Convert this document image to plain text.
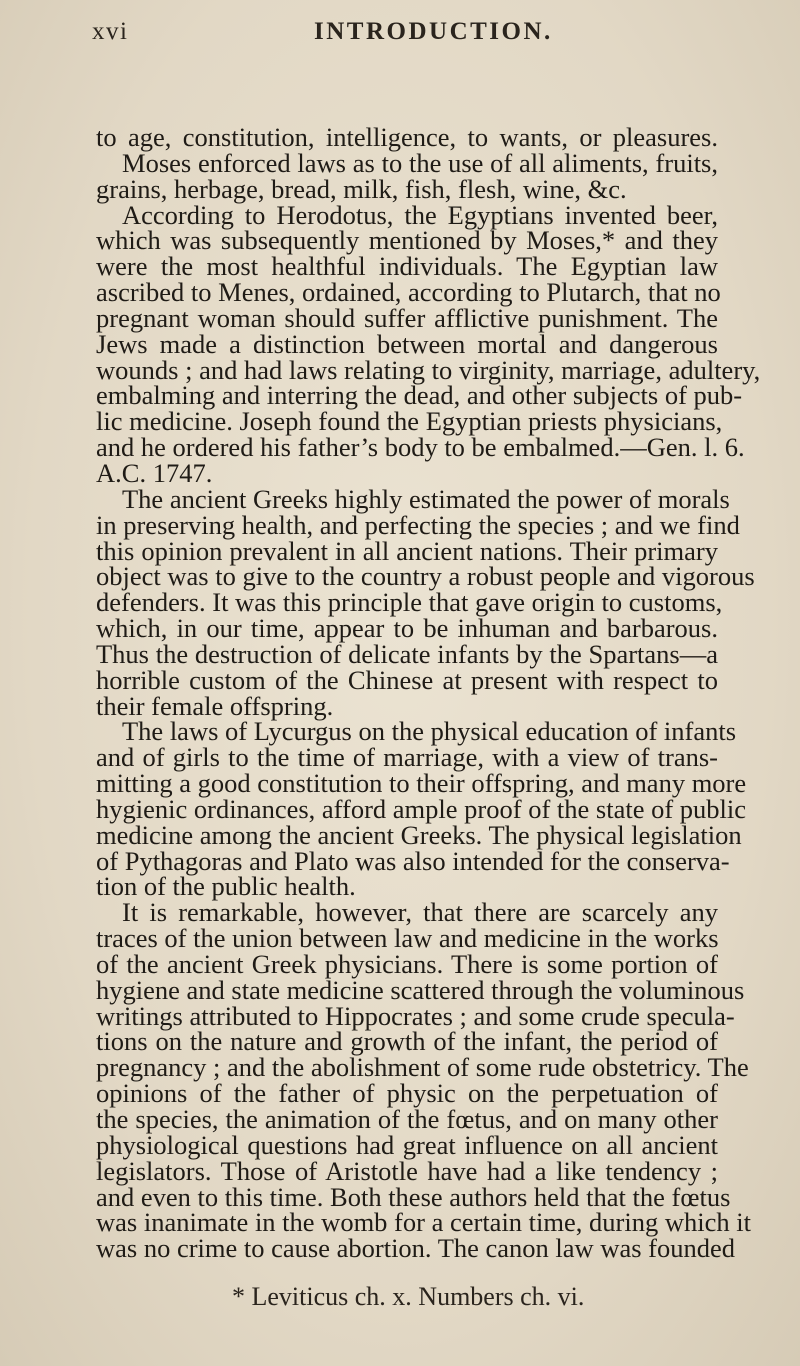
xvi	INTRODUCTION.
to age, constitution, intelligence, to wants, or pleasures.
Moses enforced laws as to the use of all aliments, fruits,
grains, herbage, bread, milk, fish, flesh, wine, &c.
According to Herodotus, the Egyptians invented beer,
which was subsequently mentioned by Moses,* and they
were the most healthful individuals. The Egyptian law
ascribed to Menes, ordained, according to Plutarch, that no
pregnant woman should suffer afflictive punishment. The
Jews made a distinction between mortal and dangerous
wounds ; and had laws relating to virginity, marriage, adultery,
embalming and interring the dead, and other subjects of pub-
lic medicine. Joseph found the Egyptian priests physicians,
and he ordered his father’s body to be embalmed.—Gen. l. 6.
A.C. 1747.
The ancient Greeks highly estimated the power of morals
in preserving health, and perfecting the species ; and we find
this opinion prevalent in all ancient nations. Their primary
object was to give to the country a robust people and vigorous
defenders. It was this principle that gave origin to customs,
which, in our time, appear to be inhuman and barbarous.
Thus the destruction of delicate infants by the Spartans—a
horrible custom of the Chinese at present with respect to
their female offspring.
The laws of Lycurgus on the physical education of infants
and of girls to the time of marriage, with a view of trans-
mitting a good constitution to their offspring, and many more
hygienic ordinances, afford ample proof of the state of public
medicine among the ancient Greeks. The physical legislation
of Pythagoras and Plato was also intended for the conserva-
tion of the public health.
It is remarkable, however, that there are scarcely any
traces of the union between law and medicine in the works
of the ancient Greek physicians. There is some portion of
hygiene and state medicine scattered through the voluminous
writings attributed to Hippocrates ; and some crude specula-
tions on the nature and growth of the infant, the period of
pregnancy ; and the abolishment of some rude obstetricy. The
opinions of the father of physic on the perpetuation of
the species, the animation of the fœtus, and on many other
physiological questions had great influence on all ancient
legislators. Those of Aristotle have had a like tendency ;
and even to this time. Both these authors held that the fœtus
was inanimate in the womb for a certain time, during which it
was no crime to cause abortion. The canon law was founded
* Leviticus ch. x. Numbers ch. vi.
